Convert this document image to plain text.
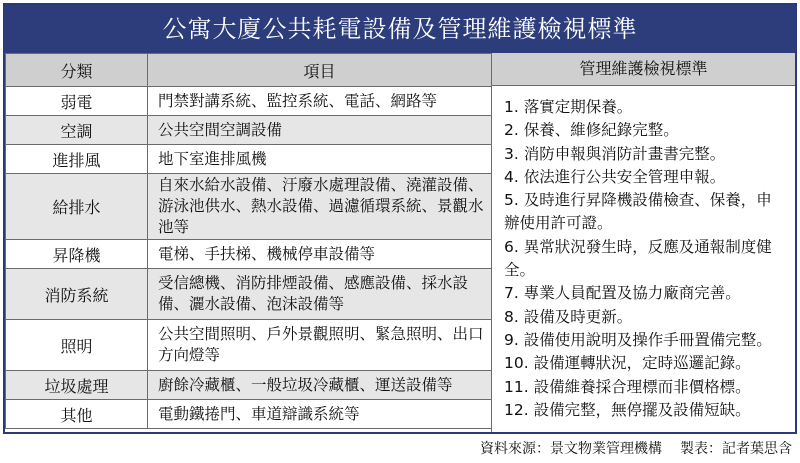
公寓大廈公共耗電設備及管理維護檢視標準
分類	項目
弱電	門禁對講系統、監控系統、電話、網路等
空調	公共空間空調設備
進排風	地下室進排風機
給排水	自來水給水設備、汙廢水處理設備、澆灌設備、游泳池供水、熱水設備、過濾循環系統、景觀水池等
昇降機	電梯、手扶梯、機械停車設備等
消防系統	受信總機、消防排煙設備、感應設備、採水設備、灑水設備、泡沫設備等
照明	公共空間照明、戶外景觀照明、緊急照明、出口方向燈等
垃圾處理	廚餘冷藏櫃、一般垃圾冷藏櫃、運送設備等
其他	電動鐵捲門、車道辯識系統等
管理維護檢視標準
1. 落實定期保養。
2. 保養、維修紀錄完整。
3. 消防申報與消防計畫書完整。
4. 依法進行公共安全管理申報。
5. 及時進行昇降機設備檢查、保養，申辦使用許可證。
6. 異常狀況發生時，反應及通報制度健全。
7. 專業人員配置及協力廠商完善。
8. 設備及時更新。
9. 設備使用說明及操作手冊置備完整。
10. 設備運轉狀況，定時巡邏記錄。
11. 設備維養採合理標而非價格標。
12. 設備完整，無停擺及設備短缺。
資料來源：景文物業管理機構 製表：記者葉思含
